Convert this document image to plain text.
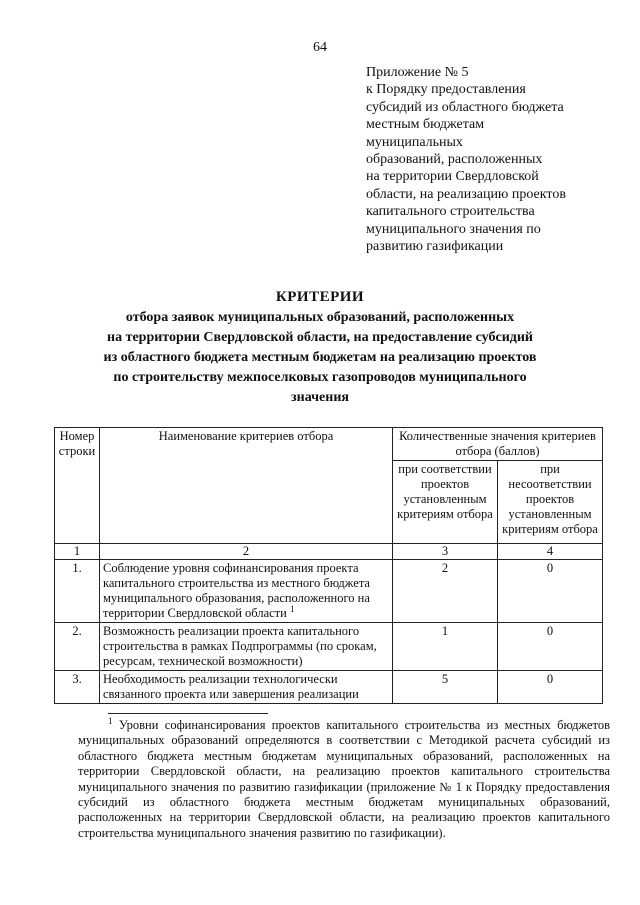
64
Приложение № 5
к Порядку предоставления
субсидий из областного бюджета
местным бюджетам
муниципальных
образований, расположенных
на территории Свердловской
области, на реализацию проектов
капитального строительства
муниципального значения по
развитию газификации
КРИТЕРИИ
отбора заявок муниципальных образований, расположенных
на территории Свердловской области, на предоставление субсидий
из областного бюджета местным бюджетам на реализацию проектов
по строительству межпоселковых газопроводов муниципального
значения
Номер строки	Наименование критериев отбора	Количественные значения критериев отбора (баллов)	
		при соответствии проектов установленным критериям отбора	при несоответствии проектов установленным критериям отбора
1	2	3	4
1.	Соблюдение уровня софинансирования проекта капитального строительства из местного бюджета муниципального образования, расположенного на территории Свердловской области $^1$	2	0
2.	Возможность реализации проекта капитального строительства в рамках Подпрограммы (по срокам, ресурсам, технической возможности)	1	0
3.	Необходимость реализации технологически связанного проекта или завершения реализации	5	0
$^1$ Уровни софинансирования проектов капитального строительства из местных бюджетов муниципальных образований определяются в соответствии с Методикой расчета субсидий из областного бюджета местным бюджетам муниципальных образований, расположенных на территории Свердловской области, на реализацию проектов капитального строительства муниципального значения по развитию газификации (приложение № 1 к Порядку предоставления субсидий из областного бюджета местным бюджетам муниципальных образований, расположенных на территории Свердловской области, на реализацию проектов капитального строительства муниципального значения развитию по газификации).
